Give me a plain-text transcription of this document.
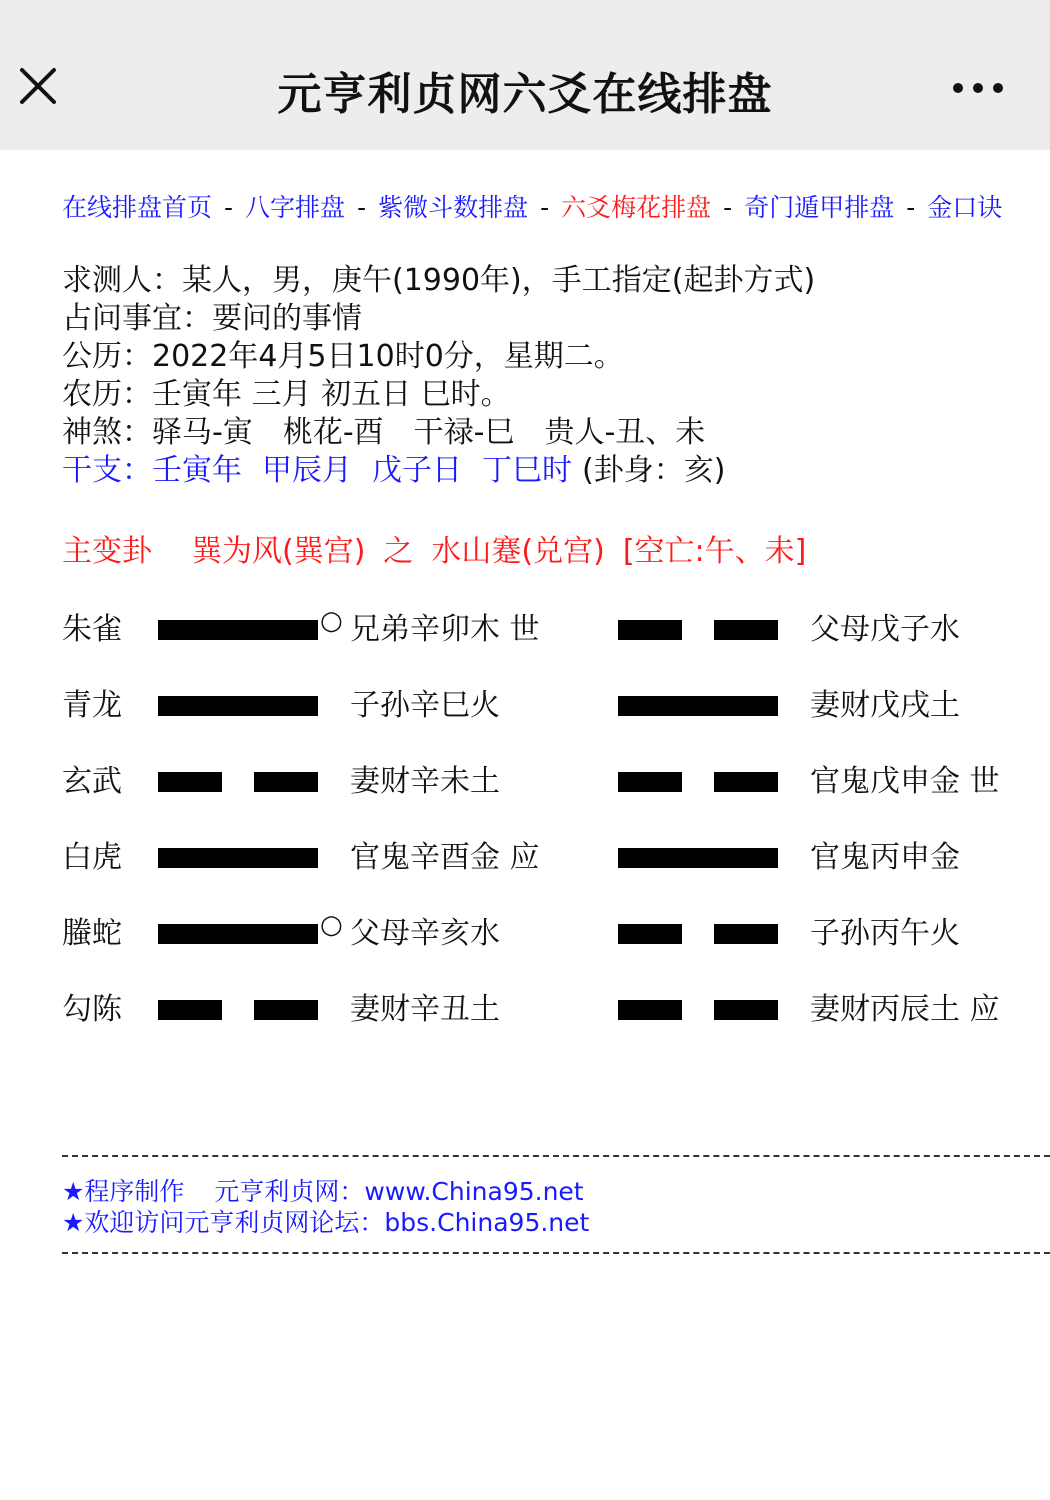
元亨利贞网六爻在线排盘
在线排盘首页 - 八字排盘 - 紫微斗数排盘 - 六爻梅花排盘 - 奇门遁甲排盘 - 金口诀
求测人：某人，男，庚午(1990年)，手工指定(起卦方式)
占问事宜：要问的事情
公历：2022年4月5日10时0分，星期二。
农历：壬寅年 三月 初五日 巳时。
神煞：驿马-寅　桃花-酉　干禄-巳　贵人-丑、未
干支：壬寅年 甲辰月 戊子日 丁巳时 (卦身：亥)
主变卦 巽为风(巽宫) 之 水山蹇(兑宫) [空亡:午、未]
朱雀	○ 兄弟辛卯木 世	父母戊子水
青龙	子孙辛巳火	妻财戊戌土
玄武	妻财辛未土	官鬼戊申金 世
白虎	官鬼辛酉金 应	官鬼丙申金
螣蛇	○ 父母辛亥水	子孙丙午火
勾陈	妻财辛丑土	妻财丙辰土 应
★程序制作 元亨利贞网：www.China95.net
★欢迎访问元亨利贞网论坛：bbs.China95.net
